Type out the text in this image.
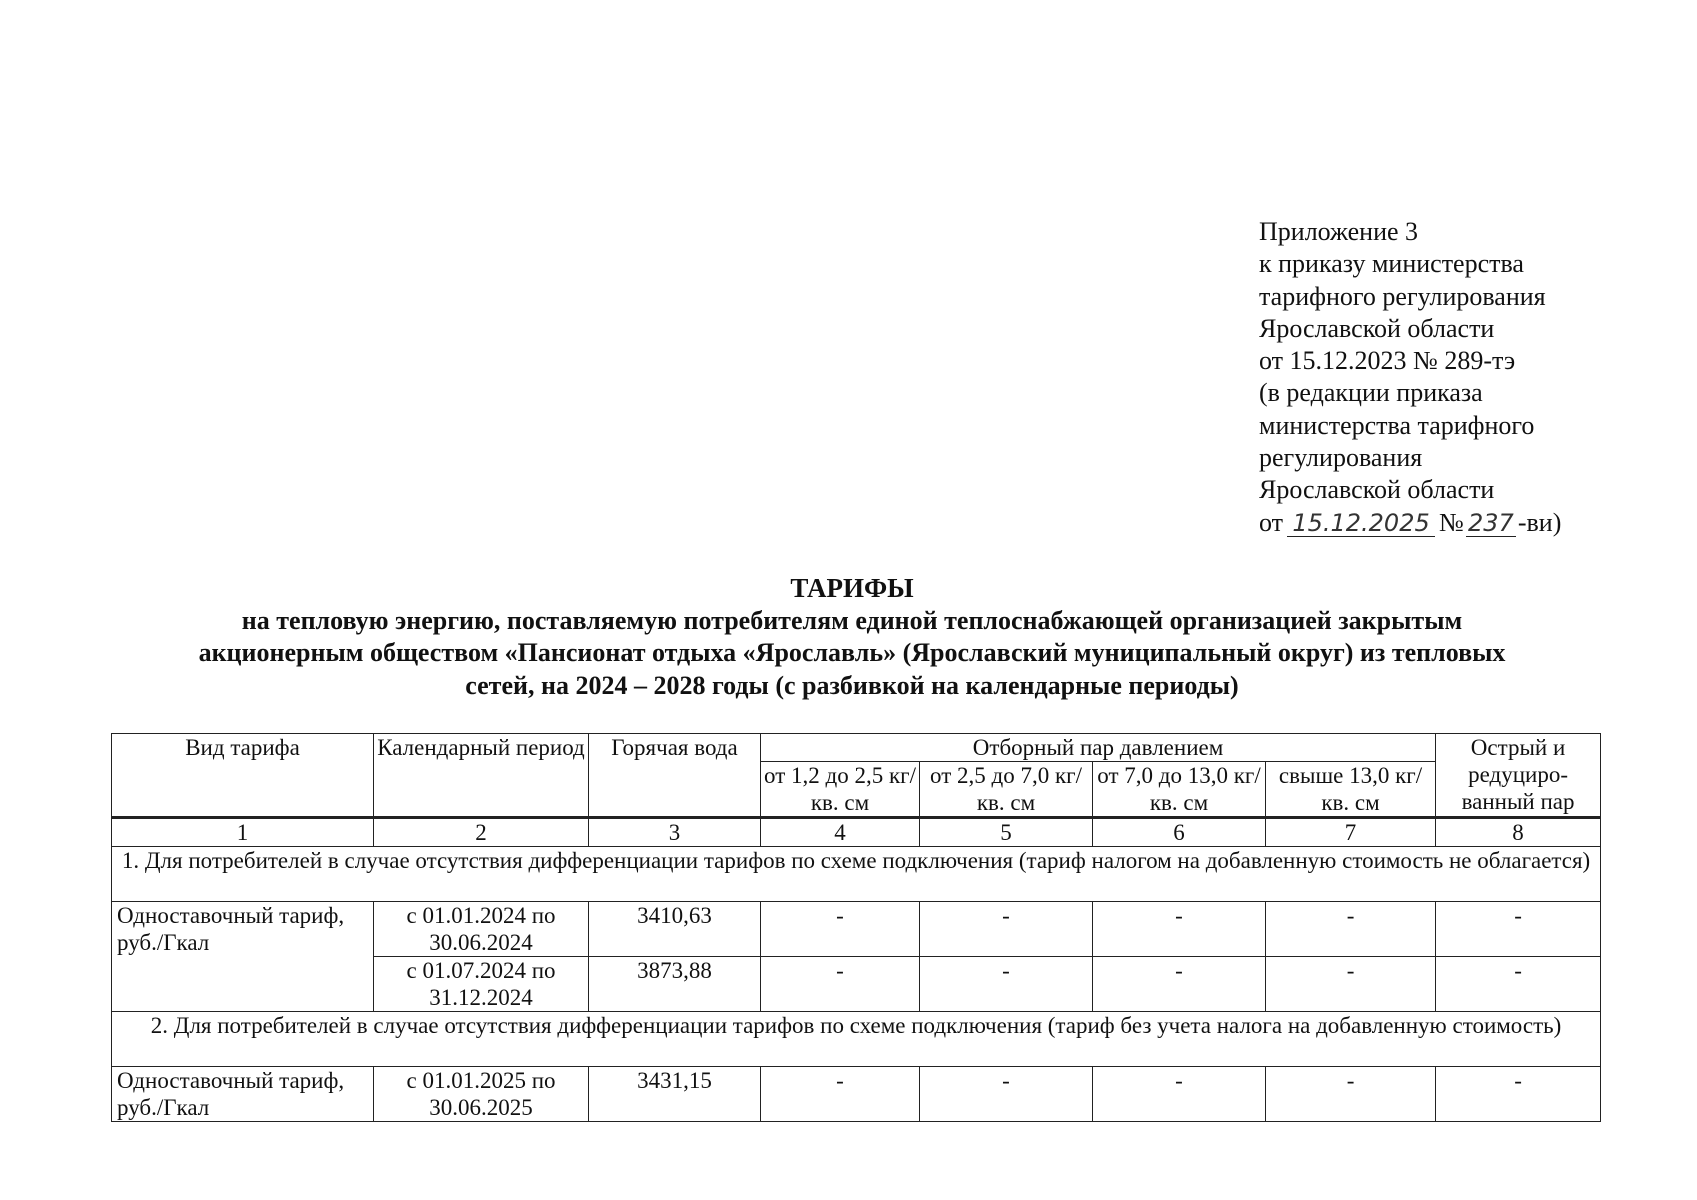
Приложение 3
к приказу министерства
тарифного регулирования
Ярославской области
от 15.12.2023 № 289-тэ
(в редакции приказа
министерства тарифного
регулирования
Ярославской области
от 15.12.2025 № 237 -ви)
ТАРИФЫ
на тепловую энергию, поставляемую потребителям единой теплоснабжающей организацией закрытым
акционерным обществом «Пансионат отдыха «Ярославль» (Ярославский муниципальный округ) из тепловых
сетей, на 2024 – 2028 годы (с разбивкой на календарные периоды)
Вид тарифа	Календарный период	Горячая вода	Отборный пар давлением				Острый и редуциро-ванный пар
			от 1,2 до 2,5 кг/ кв. см	от 2,5 до 7,0 кг/ кв. см	от 7,0 до 13,0 кг/ кв. см	свыше 13,0 кг/ кв. см	
1	2	3	4	5	6	7	8
1. Для потребителей в случае отсутствия дифференциации тарифов по схеме подключения (тариф налогом на добавленную стоимость не облагается)							
Одноставочный тариф, руб./Гкал	с 01.01.2024 по 30.06.2024	3410,63	-	-	-	-	-
	с 01.07.2024 по 31.12.2024	3873,88	-	-	-	-	-
2. Для потребителей в случае отсутствия дифференциации тарифов по схеме подключения (тариф без учета налога на добавленную стоимость)							
Одноставочный тариф, руб./Гкал	с 01.01.2025 по 30.06.2025	3431,15	-	-	-	-	-
